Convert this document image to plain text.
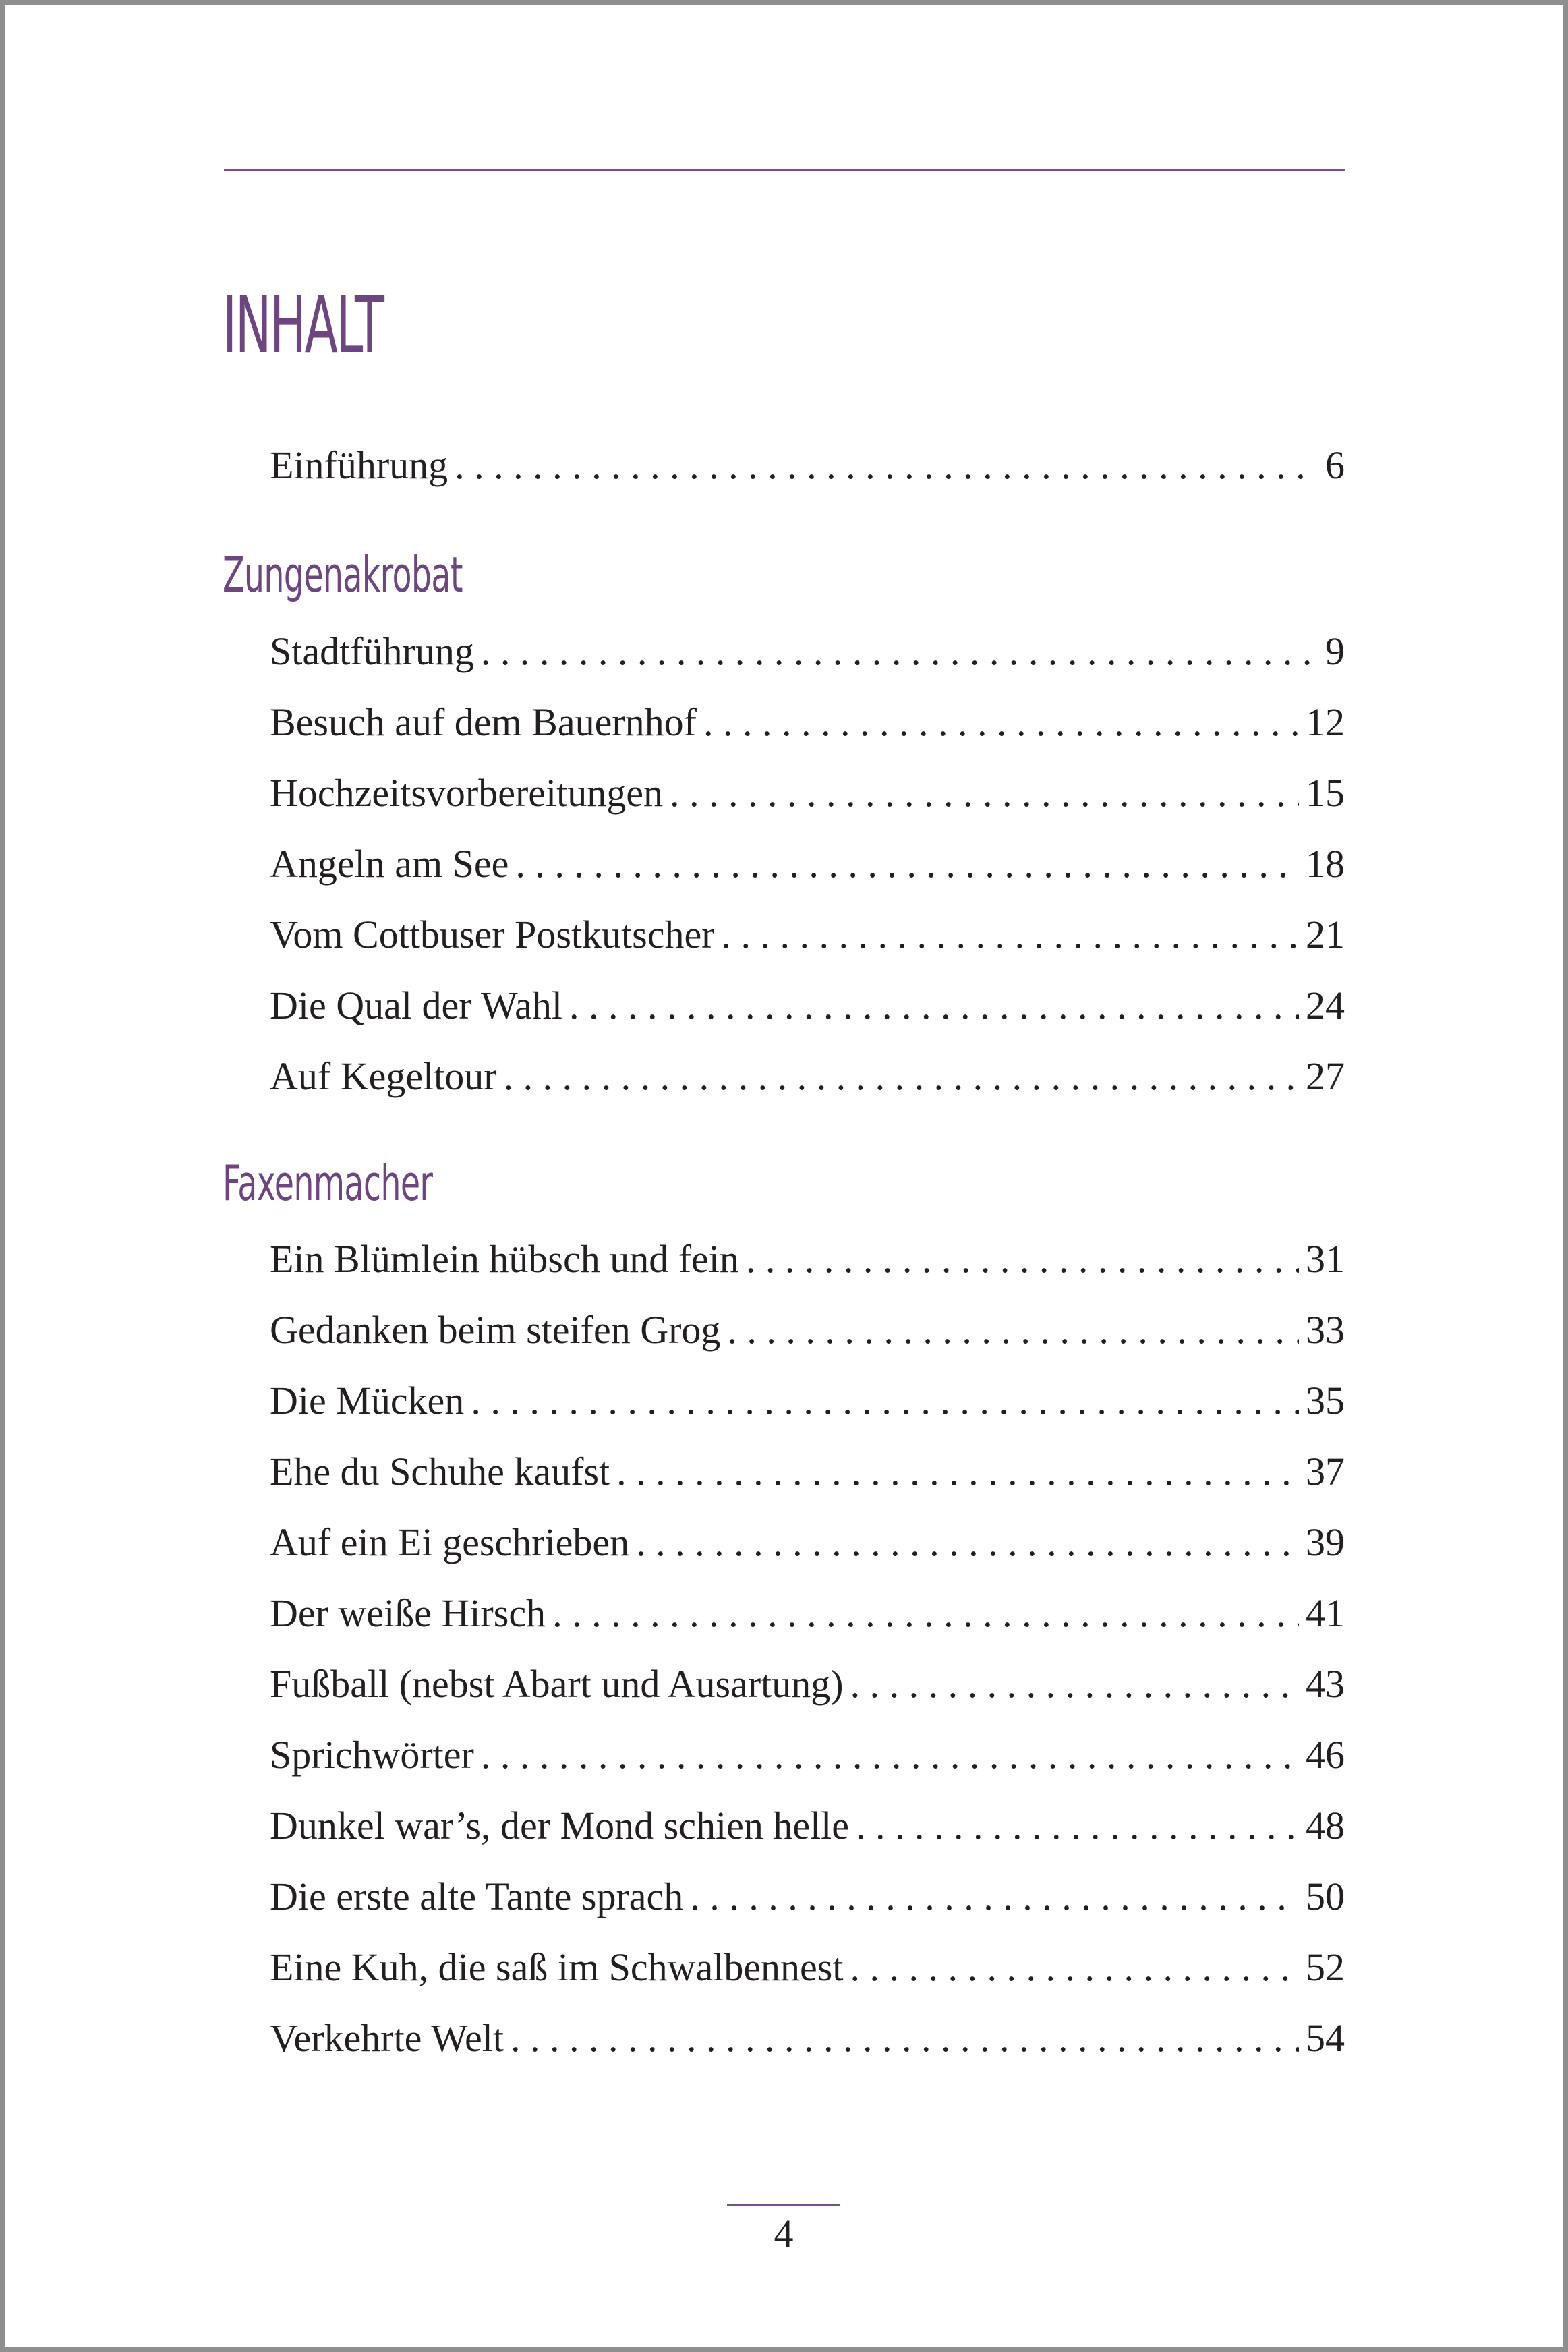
INHALT
Einführung . . .	6
Zungenakrobat
Stadtführung . . .	9
Besuch auf dem Bauernhof . . .	12
Hochzeitsvorbereitungen . . .	15
Angeln am See . . .	18
Vom Cottbuser Postkutscher . . .	21
Die Qual der Wahl . . .	24
Auf Kegeltour . . .	27
Faxenmacher
Ein Blümlein hübsch und fein . . .	31
Gedanken beim steifen Grog . . .	33
Die Mücken . . .	35
Ehe du Schuhe kaufst . . .	37
Auf ein Ei geschrieben . . .	39
Der weiße Hirsch . . .	41
Fußball (nebst Abart und Ausartung) . . .	43
Sprichwörter . . .	46
Dunkel war’s, der Mond schien helle . . .	48
Die erste alte Tante sprach . . .	50
Eine Kuh, die saß im Schwalbennest . . .	52
Verkehrte Welt . . .	54
4
